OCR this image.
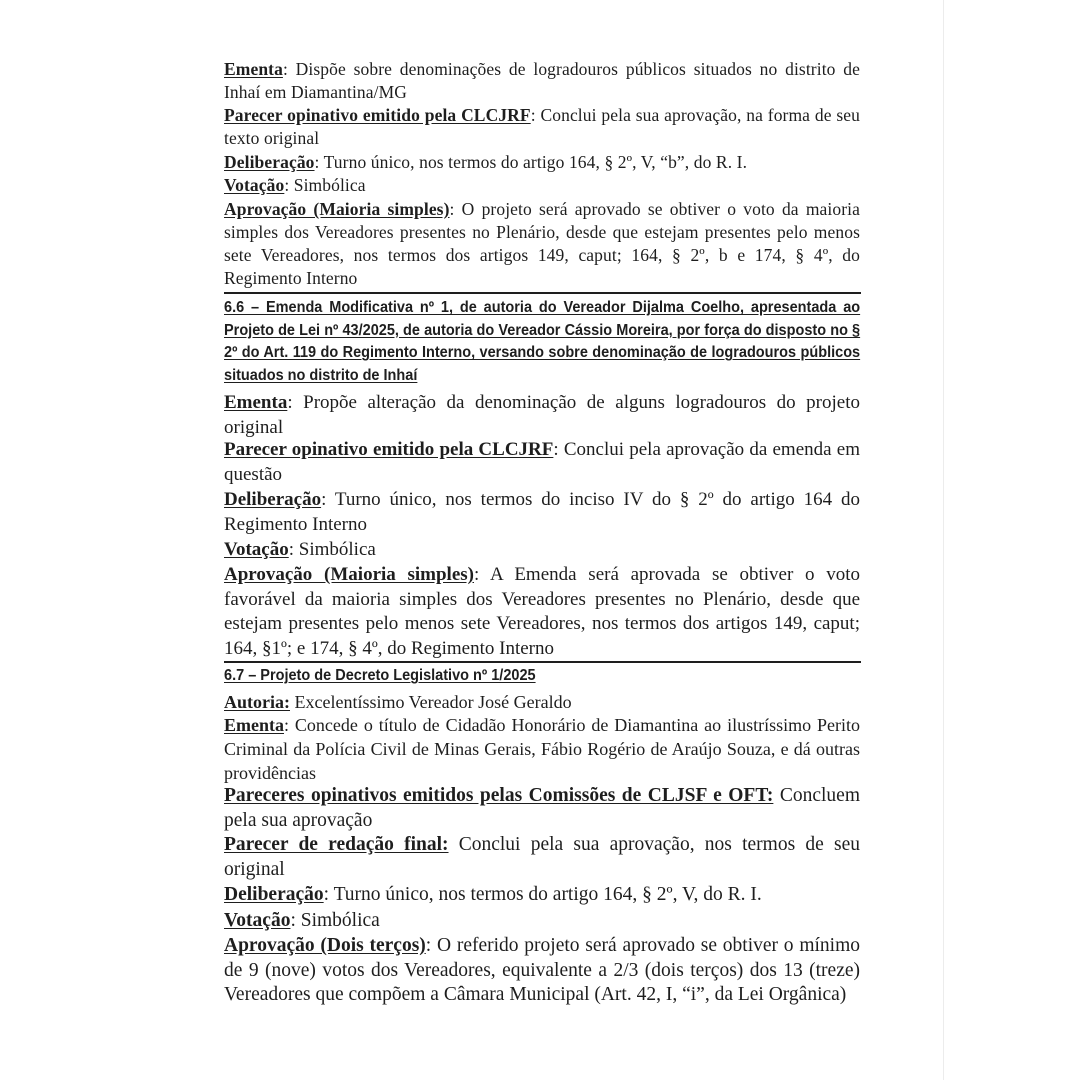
Ementa: Dispõe sobre denominações de logradouros públicos situados no distrito de Inhaí em Diamantina/MG

Parecer opinativo emitido pela CLCJRF: Conclui pela sua aprovação, na forma de seu texto original

Deliberação: Turno único, nos termos do artigo 164, § 2º, V, “b”, do R. I.

Votação: Simbólica

Aprovação (Maioria simples): O projeto será aprovado se obtiver o voto da maioria simples dos Vereadores presentes no Plenário, desde que estejam presentes pelo menos sete Vereadores, nos termos dos artigos 149, caput; 164, § 2º, b e 174, § 4º, do Regimento Interno

6.6 – Emenda Modificativa nº 1, de autoria do Vereador Dijalma Coelho, apresentada ao Projeto de Lei nº 43/2025, de autoria do Vereador Cássio Moreira, por força do disposto no § 2º do Art. 119 do Regimento Interno, versando sobre denominação de logradouros públicos situados no distrito de Inhaí

Ementa: Propõe alteração da denominação de alguns logradouros do projeto original

Parecer opinativo emitido pela CLCJRF: Conclui pela aprovação da emenda em questão

Deliberação: Turno único, nos termos do inciso IV do § 2º do artigo 164 do Regimento Interno

Votação: Simbólica

Aprovação (Maioria simples): A Emenda será aprovada se obtiver o voto favorável da maioria simples dos Vereadores presentes no Plenário, desde que estejam presentes pelo menos sete Vereadores, nos termos dos artigos 149, caput; 164, §1º; e 174, § 4º, do Regimento Interno

6.7 – Projeto de Decreto Legislativo nº 1/2025

Autoria: Excelentíssimo Vereador José Geraldo

Ementa: Concede o título de Cidadão Honorário de Diamantina ao ilustríssimo Perito Criminal da Polícia Civil de Minas Gerais, Fábio Rogério de Araújo Souza, e dá outras providências

Pareceres opinativos emitidos pelas Comissões de CLJSF e OFT: Concluem pela sua aprovação

Parecer de redação final: Conclui pela sua aprovação, nos termos de seu original

Deliberação: Turno único, nos termos do artigo 164, § 2º, V, do R. I.

Votação: Simbólica

Aprovação (Dois terços): O referido projeto será aprovado se obtiver o mínimo de 9 (nove) votos dos Vereadores, equivalente a 2/3 (dois terços) dos 13 (treze) Vereadores que compõem a Câmara Municipal (Art. 42, I, “i”, da Lei Orgânica)
